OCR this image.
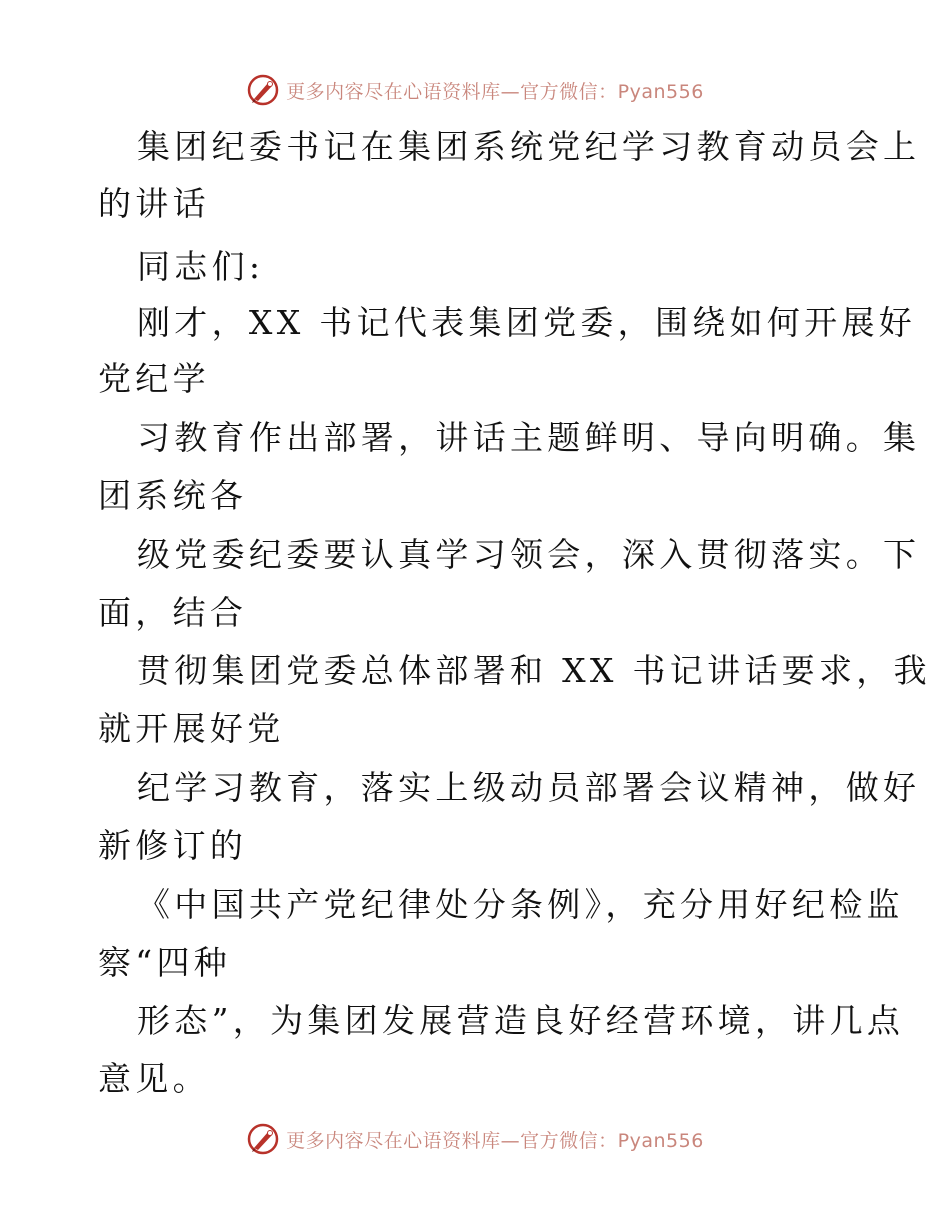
更多内容尽在心语资料库—官方微信：Pyan556
集团纪委书记在集团系统党纪学习教育动员会上
的讲话
同志们:
刚才，XX 书记代表集团党委，围绕如何开展好
党纪学
习教育作出部署，讲话主题鲜明、导向明确。集
团系统各
级党委纪委要认真学习领会，深入贯彻落实。下
面，结合
贯彻集团党委总体部署和 XX 书记讲话要求，我
就开展好党
纪学习教育，落实上级动员部署会议精神，做好
新修订的
《中国共产党纪律处分条例》，充分用好纪检监
察“四种
形态”，为集团发展营造良好经营环境，讲几点
意见。
更多内容尽在心语资料库—官方微信：Pyan556
